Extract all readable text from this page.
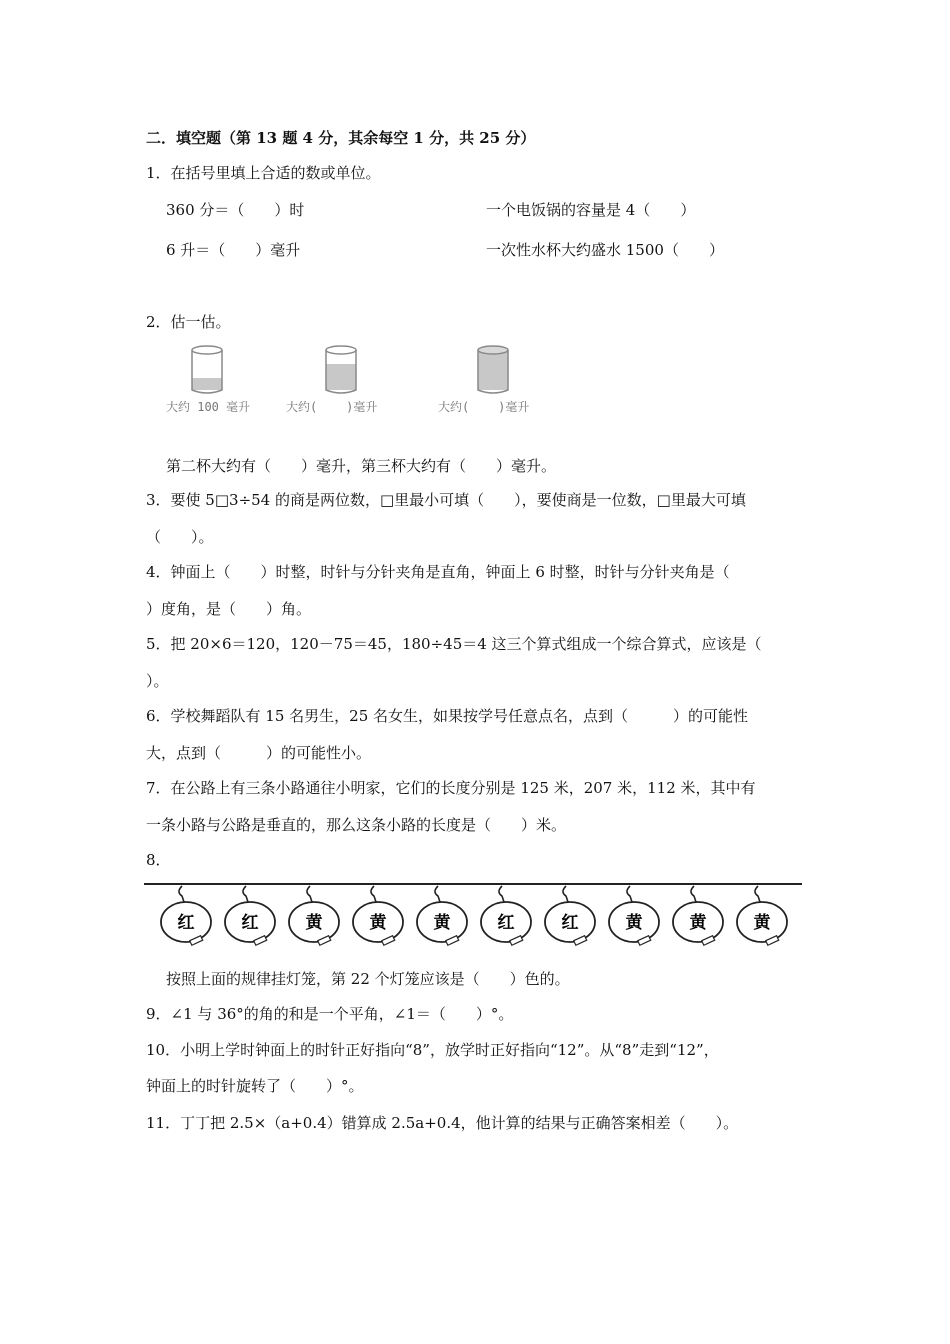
二．填空题（第 13 题 4 分，其余每空 1 分，共 25 分）
1．在括号里填上合适的数或单位。
360 分＝（　　）时	一个电饭锅的容量是 4（　　）
6 升＝（　　）毫升	一次性水杯大约盛水 1500（　　）
2．估一估。
大约 100 毫升	大约(    )毫升	大约(    )毫升
第二杯大约有（　　）毫升，第三杯大约有（　　）毫升。
3．要使 5□3÷54 的商是两位数，□里最小可填（　　），要使商是一位数，□里最大可填
（　　）。
4．钟面上（　　）时整，时针与分针夹角是直角，钟面上 6 时整，时针与分针夹角是（
）度角，是（　　）角。
5．把 20×6＝120，120－75＝45，180÷45＝4 这三个算式组成一个综合算式，应该是（
）。
6．学校舞蹈队有 15 名男生，25 名女生，如果按学号任意点名，点到（　　　）的可能性
大，点到（　　　）的可能性小。
7．在公路上有三条小路通往小明家，它们的长度分别是 125 米，207 米，112 米，其中有
一条小路与公路是垂直的，那么这条小路的长度是（　　）米。
8．
红	红	黄	黄	黄	红	红	黄	黄	黄
按照上面的规律挂灯笼，第 22 个灯笼应该是（　　）色的。
9．∠1 与 36°的角的和是一个平角，∠1＝（　　）°。
10．小明上学时钟面上的时针正好指向“8”，放学时正好指向“12”。从“8”走到“12”，
钟面上的时针旋转了（　　）°。
11．丁丁把 2.5×（a+0.4）错算成 2.5a+0.4，他计算的结果与正确答案相差（　　）。
